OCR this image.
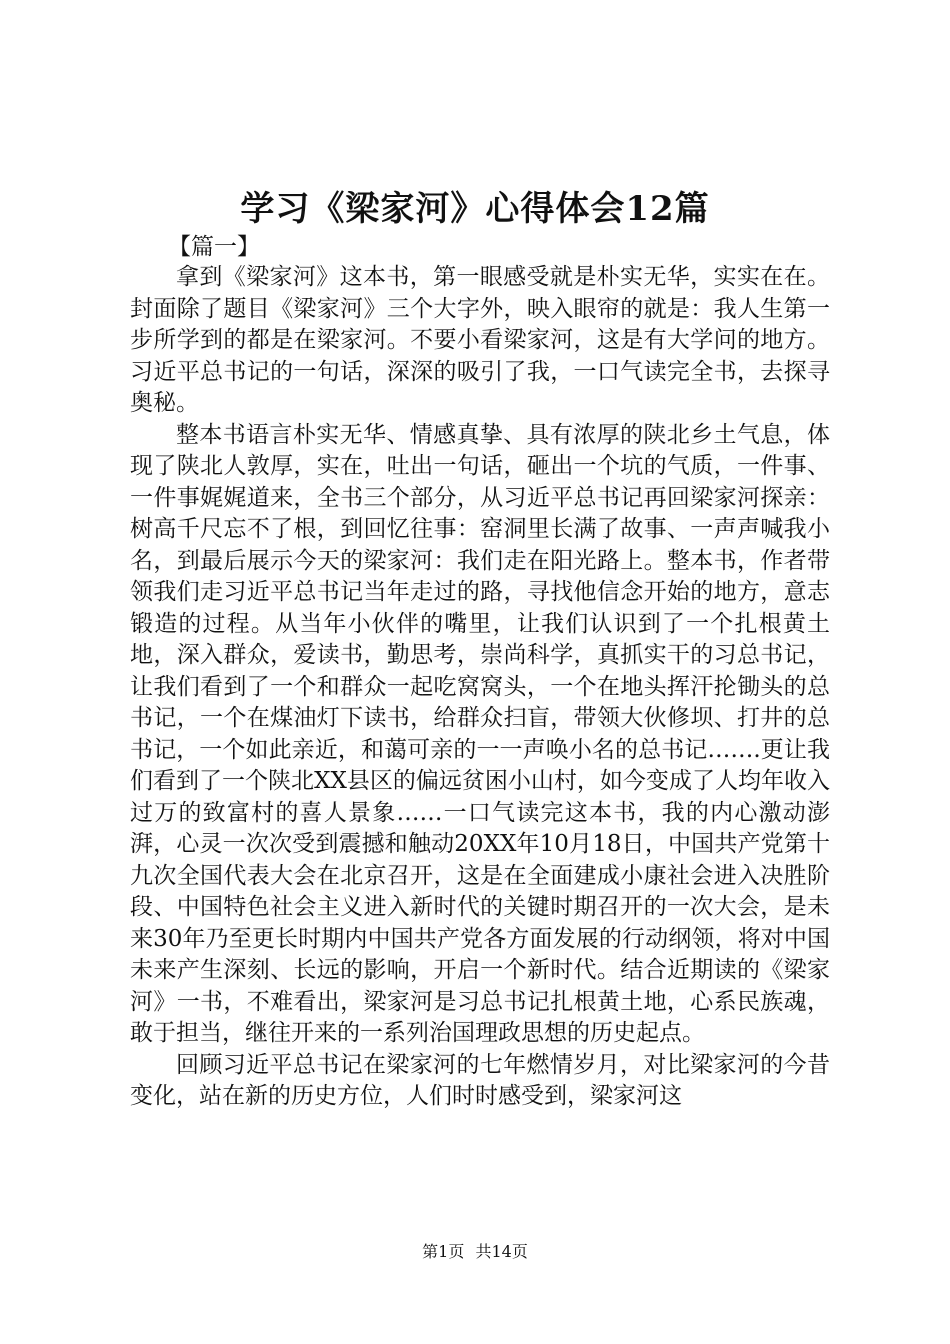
学习《梁家河》心得体会12篇
【篇一】

拿到《梁家河》这本书，第一眼感受就是朴实无华，实实在在。封面除了题目《梁家河》三个大字外，映入眼帘的就是：我人生第一步所学到的都是在梁家河。不要小看梁家河，这是有大学问的地方。习近平总书记的一句话，深深的吸引了我，一口气读完全书，去探寻奥秘。

整本书语言朴实无华、情感真挚、具有浓厚的陕北乡土气息，体现了陕北人敦厚，实在，吐出一句话，砸出一个坑的气质，一件事、一件事娓娓道来，全书三个部分，从习近平总书记再回梁家河探亲：树高千尺忘不了根，到回忆往事：窑洞里长满了故事、一声声喊我小名，到最后展示今天的梁家河：我们走在阳光路上。整本书，作者带领我们走习近平总书记当年走过的路，寻找他信念开始的地方，意志锻造的过程。从当年小伙伴的嘴里，让我们认识到了一个扎根黄土地，深入群众，爱读书，勤思考，崇尚科学，真抓实干的习总书记，让我们看到了一个和群众一起吃窝窝头，一个在地头挥汗抡锄头的总书记，一个在煤油灯下读书，给群众扫盲，带领大伙修坝、打井的总书记，一个如此亲近，和蔼可亲的一一声唤小名的总书记…….更让我们看到了一个陕北XX县区的偏远贫困小山村，如今变成了人均年收入过万的致富村的喜人景象……一口气读完这本书，我的内心激动澎湃，心灵一次次受到震撼和触动20XX年10月18日，中国共产党第十九次全国代表大会在北京召开，这是在全面建成小康社会进入决胜阶段、中国特色社会主义进入新时代的关键时期召开的一次大会，是未来30年乃至更长时期内中国共产党各方面发展的行动纲领，将对中国未来产生深刻、长远的影响，开启一个新时代。结合近期读的《梁家河》一书，不难看出，梁家河是习总书记扎根黄土地，心系民族魂，敢于担当，继往开来的一系列治国理政思想的历史起点。

回顾习近平总书记在梁家河的七年燃情岁月，对比梁家河的今昔变化，站在新的历史方位，人们时时感受到，梁家河这

第1页 共14页
